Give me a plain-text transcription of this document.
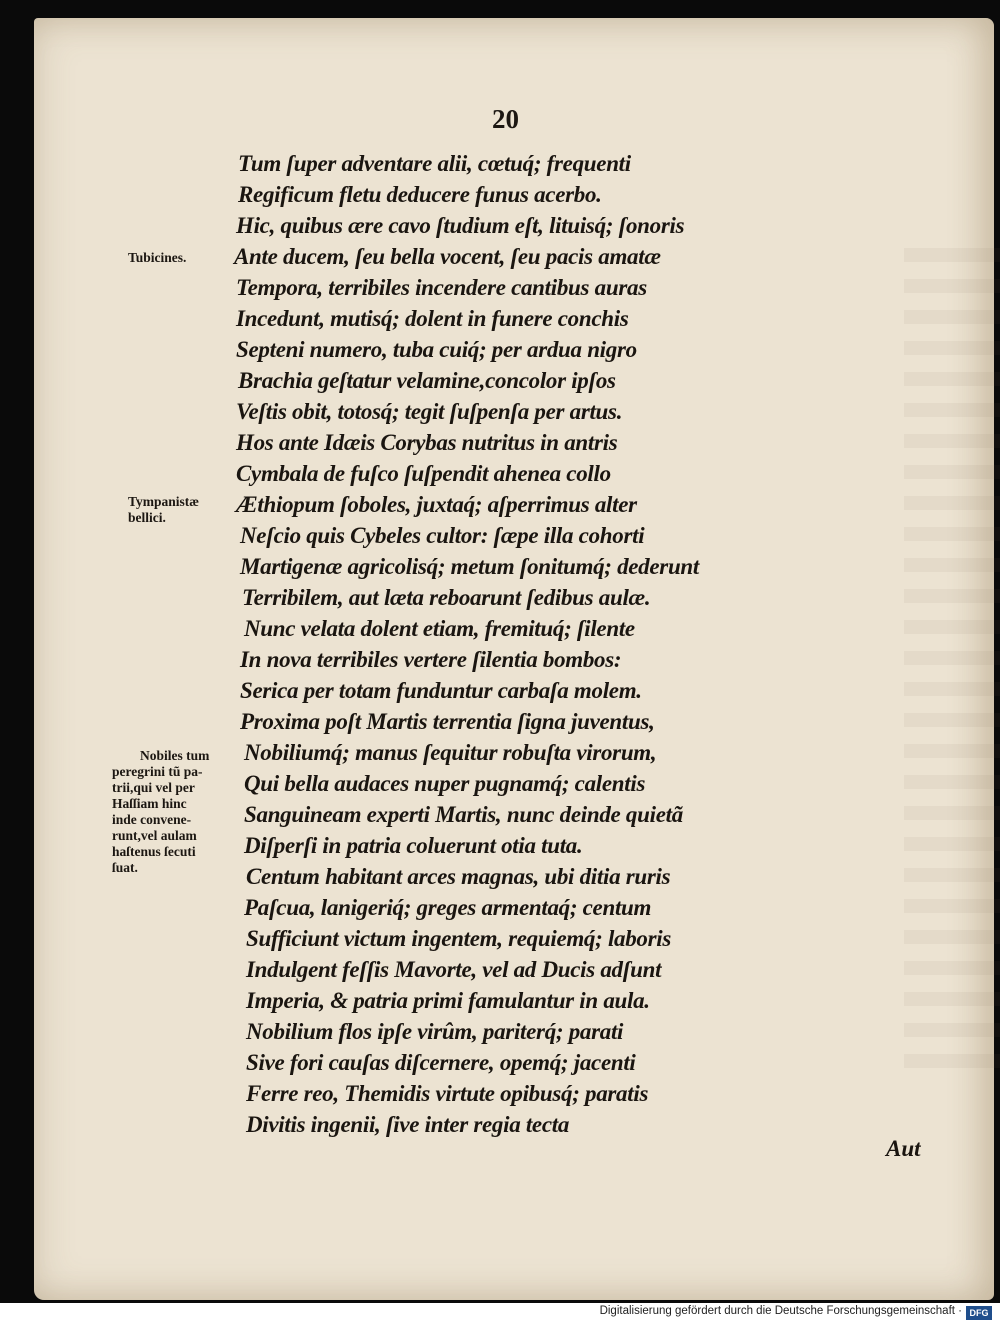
20
Tum ſuper adventare alii, cœtuq́; frequenti
Regificum fletu deducere funus acerbo.
Hic, quibus ære cavo ſtudium eſt, lituisq́; ſonoris
Ante ducem, ſeu bella vocent, ſeu pacis amatæ
Tempora, terribiles incendere cantibus auras
Incedunt, mutisq́; dolent in funere conchis
Septeni numero, tuba cuiq́; per ardua nigro
Brachia geſtatur velamine,concolor ipſos
Veſtis obit, totosq́; tegit ſuſpenſa per artus.
Hos ante Idæis Corybas nutritus in antris
Cymbala de fuſco ſuſpendit ahenea collo
Æthiopum ſoboles, juxtaq́; aſperrimus alter
Neſcio quis Cybeles cultor: ſæpe illa cohorti
Martigenæ agricolisq́; metum ſonitumq́; dederunt
Terribilem, aut læta reboarunt ſedibus aulæ.
Nunc velata dolent etiam, fremituq́; ſilente
In nova terribiles vertere ſilentia bombos:
Serica per totam funduntur carbaſa molem.
Proxima poſt Martis terrentia ſigna juventus,
Nobiliumq́; manus ſequitur robuſta virorum,
Qui bella audaces nuper pugnamq́; calentis
Sanguineam experti Martis, nunc deinde quietã
Diſperſi in patria coluerunt otia tuta.
Centum habitant arces magnas, ubi ditia ruris
Paſcua, lanigeriq́; greges armentaq́; centum
Sufficiunt victum ingentem, requiemq́; laboris
Indulgent feſſis Mavorte, vel ad Ducis adſunt
Imperia, & patria primi famulantur in aula.
Nobilium flos ipſe virûm, pariterq́; parati
Sive fori cauſas diſcernere, opemq́; jacenti
Ferre reo, Themidis virtute opibusq́; paratis
Divitis ingenii, ſive inter regia tecta
Tubicines.
Tympanistæ
bellici.
Nobiles tum
peregrini tũ pa-
trii,qui vel per
Haſſiam hinc
inde convene-
runt,vel aulam
haſtenus ſecuti
ſuat.
Aut
Digitalisierung gefördert durch die Deutsche Forschungsgemeinschaft · DFG
